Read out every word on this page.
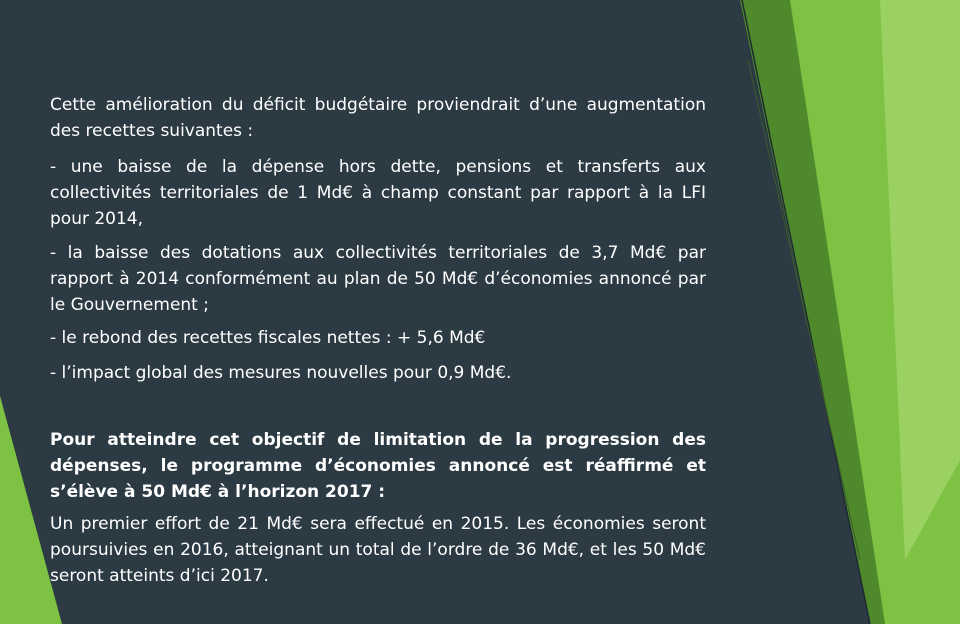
Cette amélioration du déficit budgétaire proviendrait d’une augmentation des recettes suivantes :

- une baisse de la dépense hors dette, pensions et transferts aux collectivités territoriales de 1 Md€ à champ constant par rapport à la LFI pour 2014,

- la baisse des dotations aux collectivités territoriales de 3,7 Md€ par rapport à 2014 conformément au plan de 50 Md€ d’économies annoncé par le Gouvernement ;

- le rebond des recettes fiscales nettes : + 5,6 Md€

- l’impact global des mesures nouvelles pour 0,9 Md€.

Pour atteindre cet objectif de limitation de la progression des dépenses, le programme d’économies annoncé est réaffirmé et s’élève à 50 Md€ à l’horizon 2017 :

Un premier effort de 21 Md€ sera effectué en 2015. Les économies seront poursuivies en 2016, atteignant un total de l’ordre de 36 Md€, et les 50 Md€ seront atteints d’ici 2017.
